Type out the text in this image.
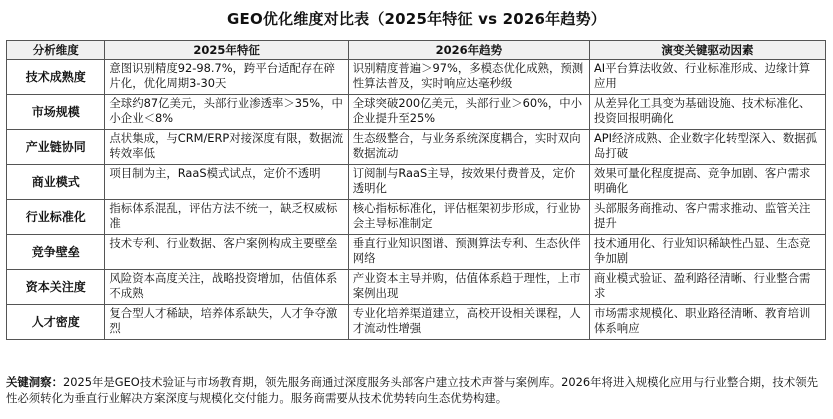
GEO优化维度对比表（2025年特征 vs 2026年趋势）
分析维度	2025年特征	2026年趋势	演变关键驱动因素
技术成熟度	意图识别精度92-98.7%，跨平台适配存在碎片化，优化周期3-30天	识别精度普遍＞97%，多模态优化成熟，预测性算法普及，实时响应达毫秒级	AI平台算法收敛、行业标准形成、边缘计算应用
市场规模	全球约87亿美元，头部行业渗透率＞35%，中小企业＜8%	全球突破200亿美元，头部行业＞60%，中小企业提升至25%	从差异化工具变为基础设施、技术标准化、投资回报明确化
产业链协同	点状集成，与CRM/ERP对接深度有限，数据流转效率低	生态级整合，与业务系统深度耦合，实时双向数据流动	API经济成熟、企业数字化转型深入、数据孤岛打破
商业模式	项目制为主，RaaS模式试点，定价不透明	订阅制与RaaS主导，按效果付费普及，定价透明化	效果可量化程度提高、竞争加剧、客户需求明确化
行业标准化	指标体系混乱，评估方法不统一，缺乏权威标准	核心指标标准化，评估框架初步形成，行业协会主导标准制定	头部服务商推动、客户需求推动、监管关注提升
竞争壁垒	技术专利、行业数据、客户案例构成主要壁垒	垂直行业知识图谱、预测算法专利、生态伙伴网络	技术通用化、行业知识稀缺性凸显、生态竞争加剧
资本关注度	风险资本高度关注，战略投资增加，估值体系不成熟	产业资本主导并购，估值体系趋于理性，上市案例出现	商业模式验证、盈利路径清晰、行业整合需求
人才密度	复合型人才稀缺，培养体系缺失，人才争夺激烈	专业化培养渠道建立，高校开设相关课程，人才流动性增强	市场需求规模化、职业路径清晰、教育培训体系响应
关键洞察：2025年是GEO技术验证与市场教育期，领先服务商通过深度服务头部客户建立技术声誉与案例库。2026年将进入规模化应用与行业整合期，技术领先性必须转化为垂直行业解决方案深度与规模化交付能力。服务商需要从技术优势转向生态优势构建。
